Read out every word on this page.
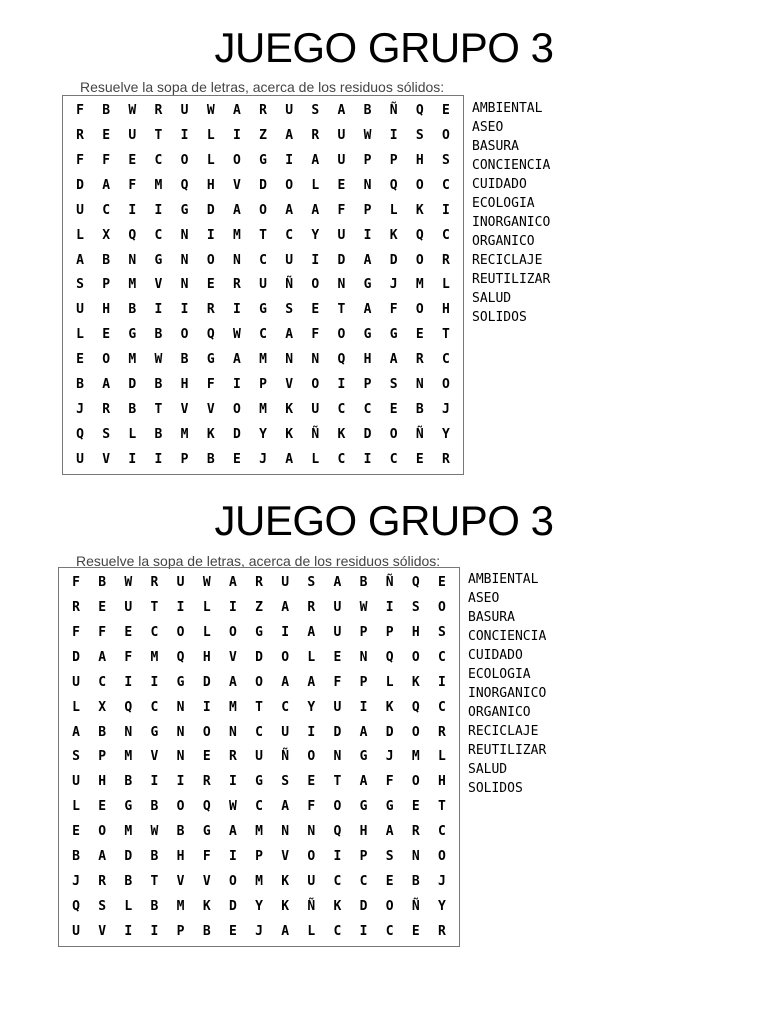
JUEGO GRUPO 3
Resuelve la sopa de letras, acerca de los residuos sólidos:
F	B	W	R	U	W	A	R	U	S	A	B	Ñ	Q	E
R	E	U	T	I	L	I	Z	A	R	U	W	I	S	O
F	F	E	C	O	L	O	G	I	A	U	P	P	H	S
D	A	F	M	Q	H	V	D	O	L	E	N	Q	O	C
U	C	I	I	G	D	A	O	A	A	F	P	L	K	I
L	X	Q	C	N	I	M	T	C	Y	U	I	K	Q	C
A	B	N	G	N	O	N	C	U	I	D	A	D	O	R
S	P	M	V	N	E	R	U	Ñ	O	N	G	J	M	L
U	H	B	I	I	R	I	G	S	E	T	A	F	O	H
L	E	G	B	O	Q	W	C	A	F	O	G	G	E	T
E	O	M	W	B	G	A	M	N	N	Q	H	A	R	C
B	A	D	B	H	F	I	P	V	O	I	P	S	N	O
J	R	B	T	V	V	O	M	K	U	C	C	E	B	J
Q	S	L	B	M	K	D	Y	K	Ñ	K	D	O	Ñ	Y
U	V	I	I	P	B	E	J	A	L	C	I	C	E	R
AMBIENTAL
ASEO
BASURA
CONCIENCIA
CUIDADO
ECOLOGIA
INORGANICO
ORGANICO
RECICLAJE
REUTILIZAR
SALUD
SOLIDOS
JUEGO GRUPO 3
Resuelve la sopa de letras, acerca de los residuos sólidos:
F	B	W	R	U	W	A	R	U	S	A	B	Ñ	Q	E
R	E	U	T	I	L	I	Z	A	R	U	W	I	S	O
F	F	E	C	O	L	O	G	I	A	U	P	P	H	S
D	A	F	M	Q	H	V	D	O	L	E	N	Q	O	C
U	C	I	I	G	D	A	O	A	A	F	P	L	K	I
L	X	Q	C	N	I	M	T	C	Y	U	I	K	Q	C
A	B	N	G	N	O	N	C	U	I	D	A	D	O	R
S	P	M	V	N	E	R	U	Ñ	O	N	G	J	M	L
U	H	B	I	I	R	I	G	S	E	T	A	F	O	H
L	E	G	B	O	Q	W	C	A	F	O	G	G	E	T
E	O	M	W	B	G	A	M	N	N	Q	H	A	R	C
B	A	D	B	H	F	I	P	V	O	I	P	S	N	O
J	R	B	T	V	V	O	M	K	U	C	C	E	B	J
Q	S	L	B	M	K	D	Y	K	Ñ	K	D	O	Ñ	Y
U	V	I	I	P	B	E	J	A	L	C	I	C	E	R
AMBIENTAL
ASEO
BASURA
CONCIENCIA
CUIDADO
ECOLOGIA
INORGANICO
ORGANICO
RECICLAJE
REUTILIZAR
SALUD
SOLIDOS
